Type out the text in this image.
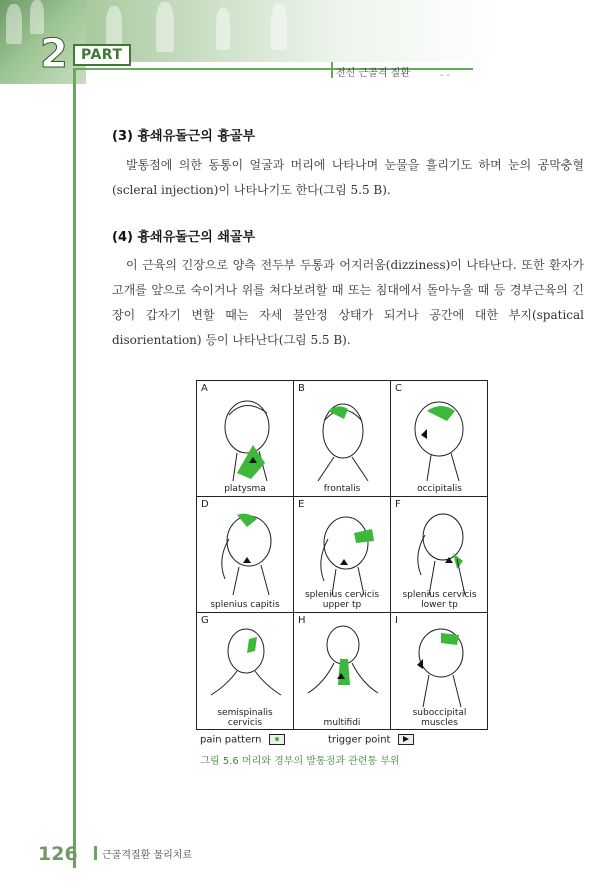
2 PART
전신 근골격 질환	‑ ‑
(3) 흉쇄유돌근의 흉골부

발통점에 의한 동통이 얼굴과 머리에 나타나며 눈물을 흘리기도 하며 눈의 공막충혈(scleral injection)이 나타나기도 한다(그림 5.5 B).

(4) 흉쇄유돌근의 쇄골부

이 근육의 긴장으로 양측 전두부 두통과 어지러움(dizziness)이 나타난다. 또한 환자가 고개를 앞으로 숙이거나 위를 쳐다보려할 때 또는 침대에서 돌아누울 때 등 경부근육의 긴장이 갑자기 변할 때는 자세 불안정 상태가 되거나 공간에 대한 부지(spatical disorientation) 등이 나타난다(그림 5.5 B).

A
platysma
B
frontalis
C
occipitalis
D
splenius capitis
E
splenius cervicis
upper tp
F
splenius cervicis
lower tp
G
semispinalis
cervicis
H
multifidi
I
suboccipital
muscles
pain pattern	trigger point
그림 5.6 머리와 경부의 발통점과 관련통 부위
126 근골격질환 물리치료
